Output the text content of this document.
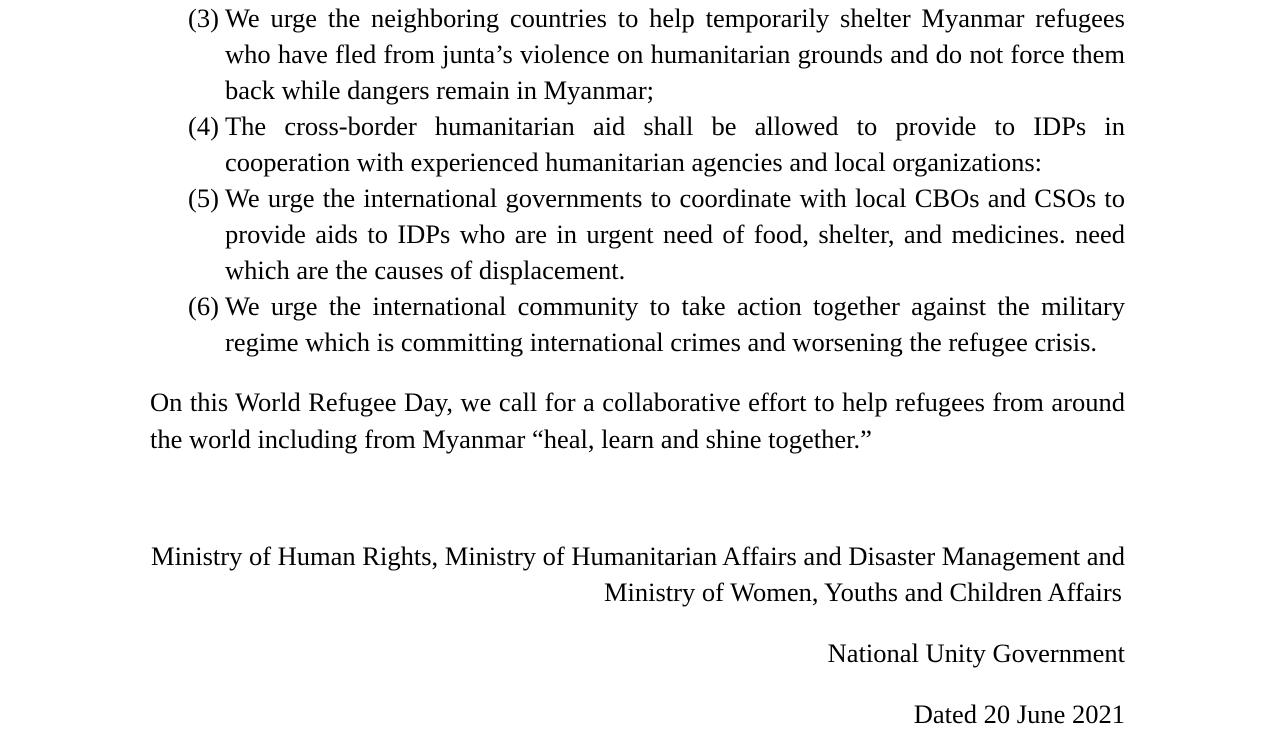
(3) We urge the neighboring countries to help temporarily shelter Myanmar refugees who have fled from junta’s violence on humanitarian grounds and do not force them back while dangers remain in Myanmar;
(4) The cross-border humanitarian aid shall be allowed to provide to IDPs in cooperation with experienced humanitarian agencies and local organizations:
(5) We urge the international governments to coordinate with local CBOs and CSOs to provide aids to IDPs who are in urgent need of food, shelter, and medicines. need which are the causes of displacement.
(6) We urge the international community to take action together against the military regime which is committing international crimes and worsening the refugee crisis.

On this World Refugee Day, we call for a collaborative effort to help refugees from around the world including from Myanmar “heal, learn and shine together.”

Ministry of Human Rights, Ministry of Humanitarian Affairs and Disaster Management and

Ministry of Women, Youths and Children Affairs

National Unity Government

Dated 20 June 2021
